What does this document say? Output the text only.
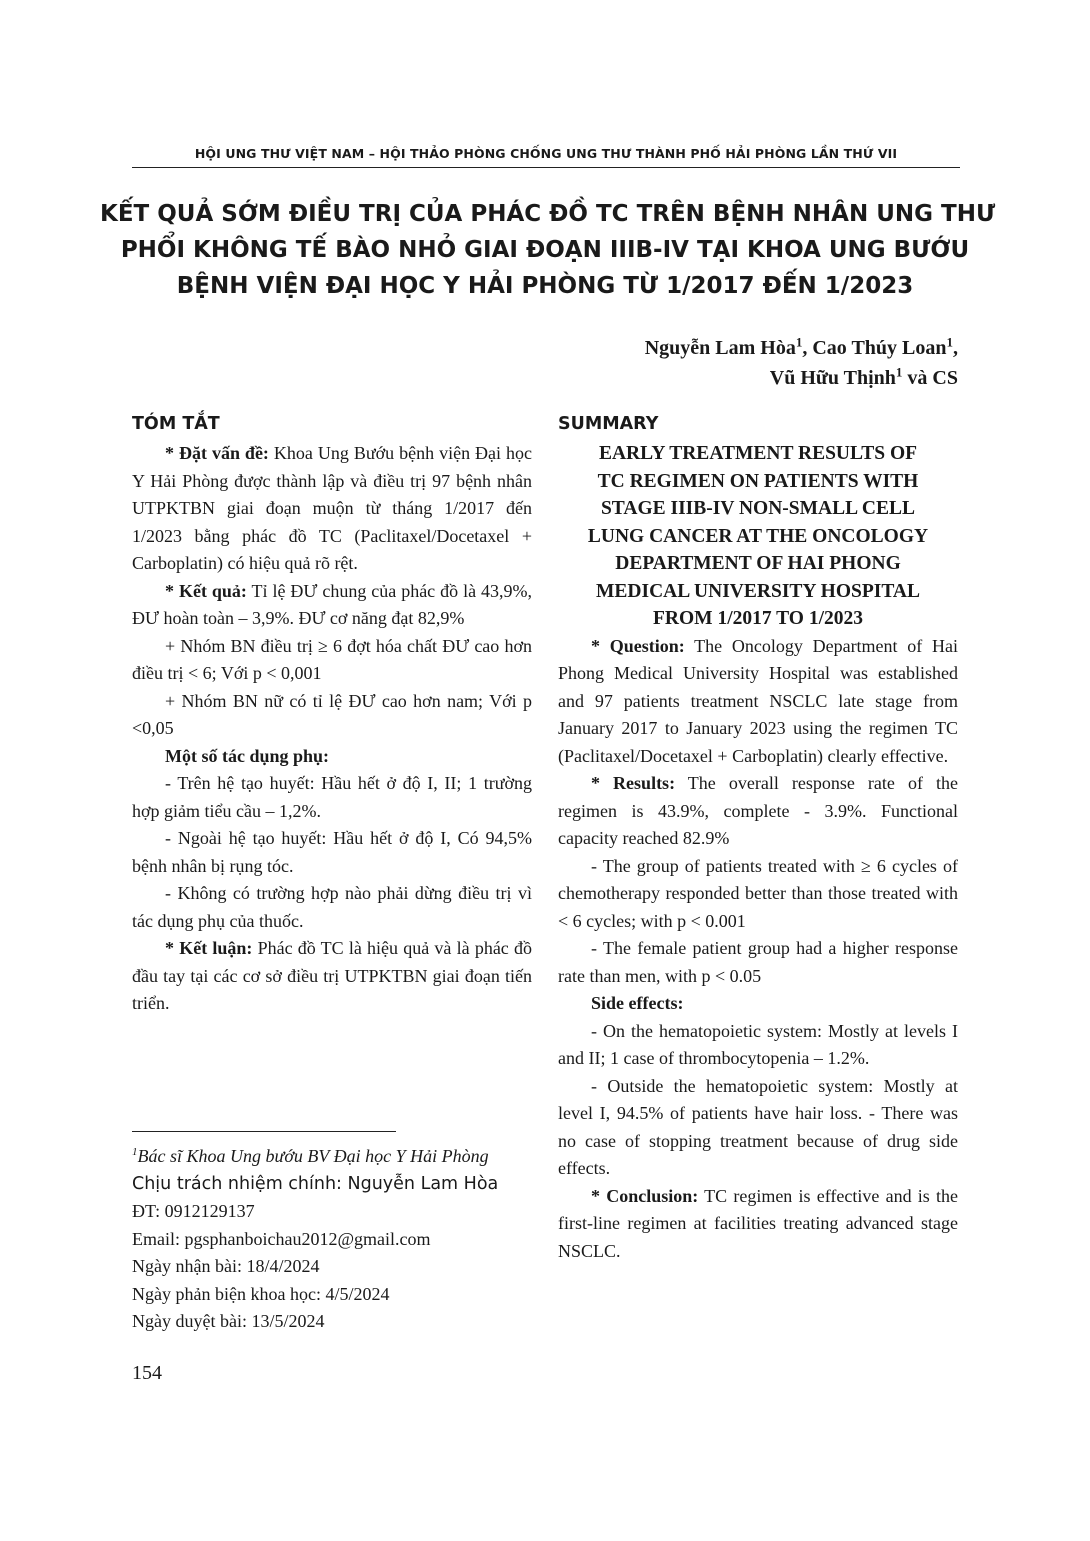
HỘI UNG THƯ VIỆT NAM – HỘI THẢO PHÒNG CHỐNG UNG THƯ THÀNH PHỐ HẢI PHÒNG LẦN THỨ VII
KẾT QUẢ SỚM ĐIỀU TRỊ CỦA PHÁC ĐỒ TC TRÊN BỆNH NHÂN UNG THƯ
PHỔI KHÔNG TẾ BÀO NHỎ GIAI ĐOẠN IIIB-IV TẠI KHOA UNG BƯỚU
BỆNH VIỆN ĐẠI HỌC Y HẢI PHÒNG TỪ 1/2017 ĐẾN 1/2023
Nguyễn Lam Hòa$^1$, Cao Thúy Loan$^1$,
Vũ Hữu Thịnh$^1$ và CS
TÓM TẮT

* Đặt vấn đề: Khoa Ung Bướu bệnh viện Đại học Y Hải Phòng được thành lập và điều trị 97 bệnh nhân UTPKTBN giai đoạn muộn từ tháng 1/2017 đến 1/2023 bằng phác đồ TC (Paclitaxel/Docetaxel + Carboplatin) có hiệu quả rõ rệt.

* Kết quả: Tỉ lệ ĐƯ chung của phác đồ là 43,9%, ĐƯ hoàn toàn – 3,9%. ĐƯ cơ năng đạt 82,9%

+ Nhóm BN điều trị ≥ 6 đợt hóa chất ĐƯ cao hơn điều trị < 6; Với p < 0,001

+ Nhóm BN nữ có tỉ lệ ĐƯ cao hơn nam; Với p <0,05

Một số tác dụng phụ:

- Trên hệ tạo huyết: Hầu hết ở độ I, II; 1 trường hợp giảm tiểu cầu – 1,2%.

- Ngoài hệ tạo huyết: Hầu hết ở độ I, Có 94,5% bệnh nhân bị rụng tóc.

- Không có trường hợp nào phải dừng điều trị vì tác dụng phụ của thuốc.

* Kết luận: Phác đồ TC là hiệu quả và là phác đồ đầu tay tại các cơ sở điều trị UTPKTBN giai đoạn tiến triển.

SUMMARY

EARLY TREATMENT RESULTS OF

TC REGIMEN ON PATIENTS WITH

STAGE IIIB-IV NON-SMALL CELL

LUNG CANCER AT THE ONCOLOGY

DEPARTMENT OF HAI PHONG

MEDICAL UNIVERSITY HOSPITAL

FROM 1/2017 TO 1/2023

* Question: The Oncology Department of Hai Phong Medical University Hospital was established and 97 patients treatment NSCLC late stage from January 2017 to January 2023 using the regimen TC (Paclitaxel/Docetaxel + Carboplatin) clearly effective.

* Results: The overall response rate of the regimen is 43.9%, complete - 3.9%. Functional capacity reached 82.9%

- The group of patients treated with ≥ 6 cycles of chemotherapy responded better than those treated with < 6 cycles; with p < 0.001

- The female patient group had a higher response rate than men, with p < 0.05

Side effects:

- On the hematopoietic system: Mostly at levels I and II; 1 case of thrombocytopenia – 1.2%.

- Outside the hematopoietic system: Mostly at level I, 94.5% of patients have hair loss. - There was no case of stopping treatment because of drug side effects.

* Conclusion: TC regimen is effective and is the first-line regimen at facilities treating advanced stage NSCLC.

$^1$Bác sĩ Khoa Ung bướu BV Đại học Y Hải Phòng
Chịu trách nhiệm chính: Nguyễn Lam Hòa
ĐT: 0912129137
Email: pgsphanboichau2012@gmail.com
Ngày nhận bài: 18/4/2024
Ngày phản biện khoa học: 4/5/2024
Ngày duyệt bài: 13/5/2024
154
